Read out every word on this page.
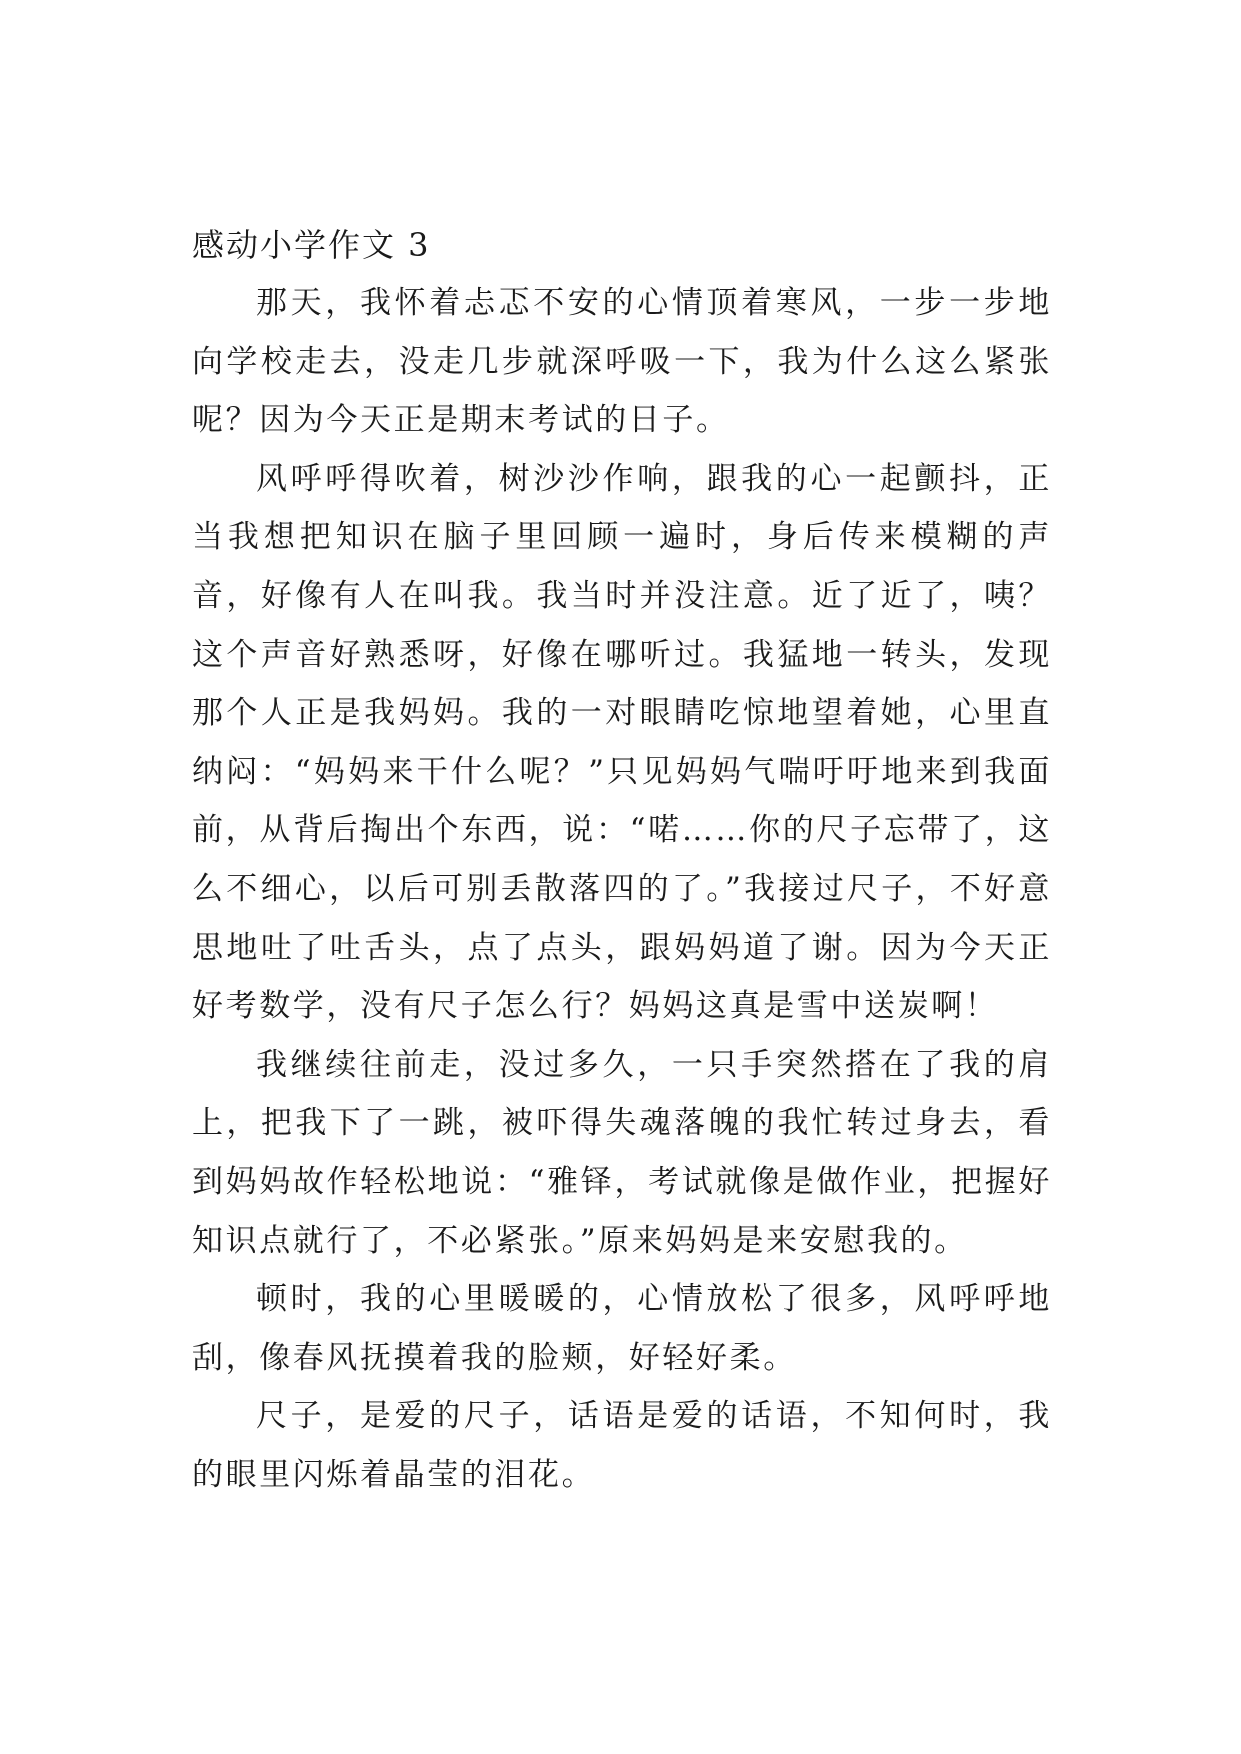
感动小学作文 3

那天，我怀着忐忑不安的心情顶着寒风，一步一步地向学校走去，没走几步就深呼吸一下，我为什么这么紧张呢？因为今天正是期末考试的日子。

风呼呼得吹着，树沙沙作响，跟我的心一起颤抖，正当我想把知识在脑子里回顾一遍时，身后传来模糊的声音，好像有人在叫我。我当时并没注意。近了近了，咦？这个声音好熟悉呀，好像在哪听过。我猛地一转头，发现那个人正是我妈妈。我的一对眼睛吃惊地望着她，心里直纳闷：“妈妈来干什么呢？”只见妈妈气喘吁吁地来到我面前，从背后掏出个东西，说：“喏……你的尺子忘带了，这么不细心，以后可别丢散落四的了。”我接过尺子，不好意思地吐了吐舌头，点了点头，跟妈妈道了谢。因为今天正好考数学，没有尺子怎么行？妈妈这真是雪中送炭啊！

我继续往前走，没过多久，一只手突然搭在了我的肩上，把我下了一跳，被吓得失魂落魄的我忙转过身去，看到妈妈故作轻松地说：“雅铎，考试就像是做作业，把握好知识点就行了，不必紧张。”原来妈妈是来安慰我的。

顿时，我的心里暖暖的，心情放松了很多，风呼呼地刮，像春风抚摸着我的脸颊，好轻好柔。

尺子，是爱的尺子，话语是爱的话语，不知何时，我的眼里闪烁着晶莹的泪花。
